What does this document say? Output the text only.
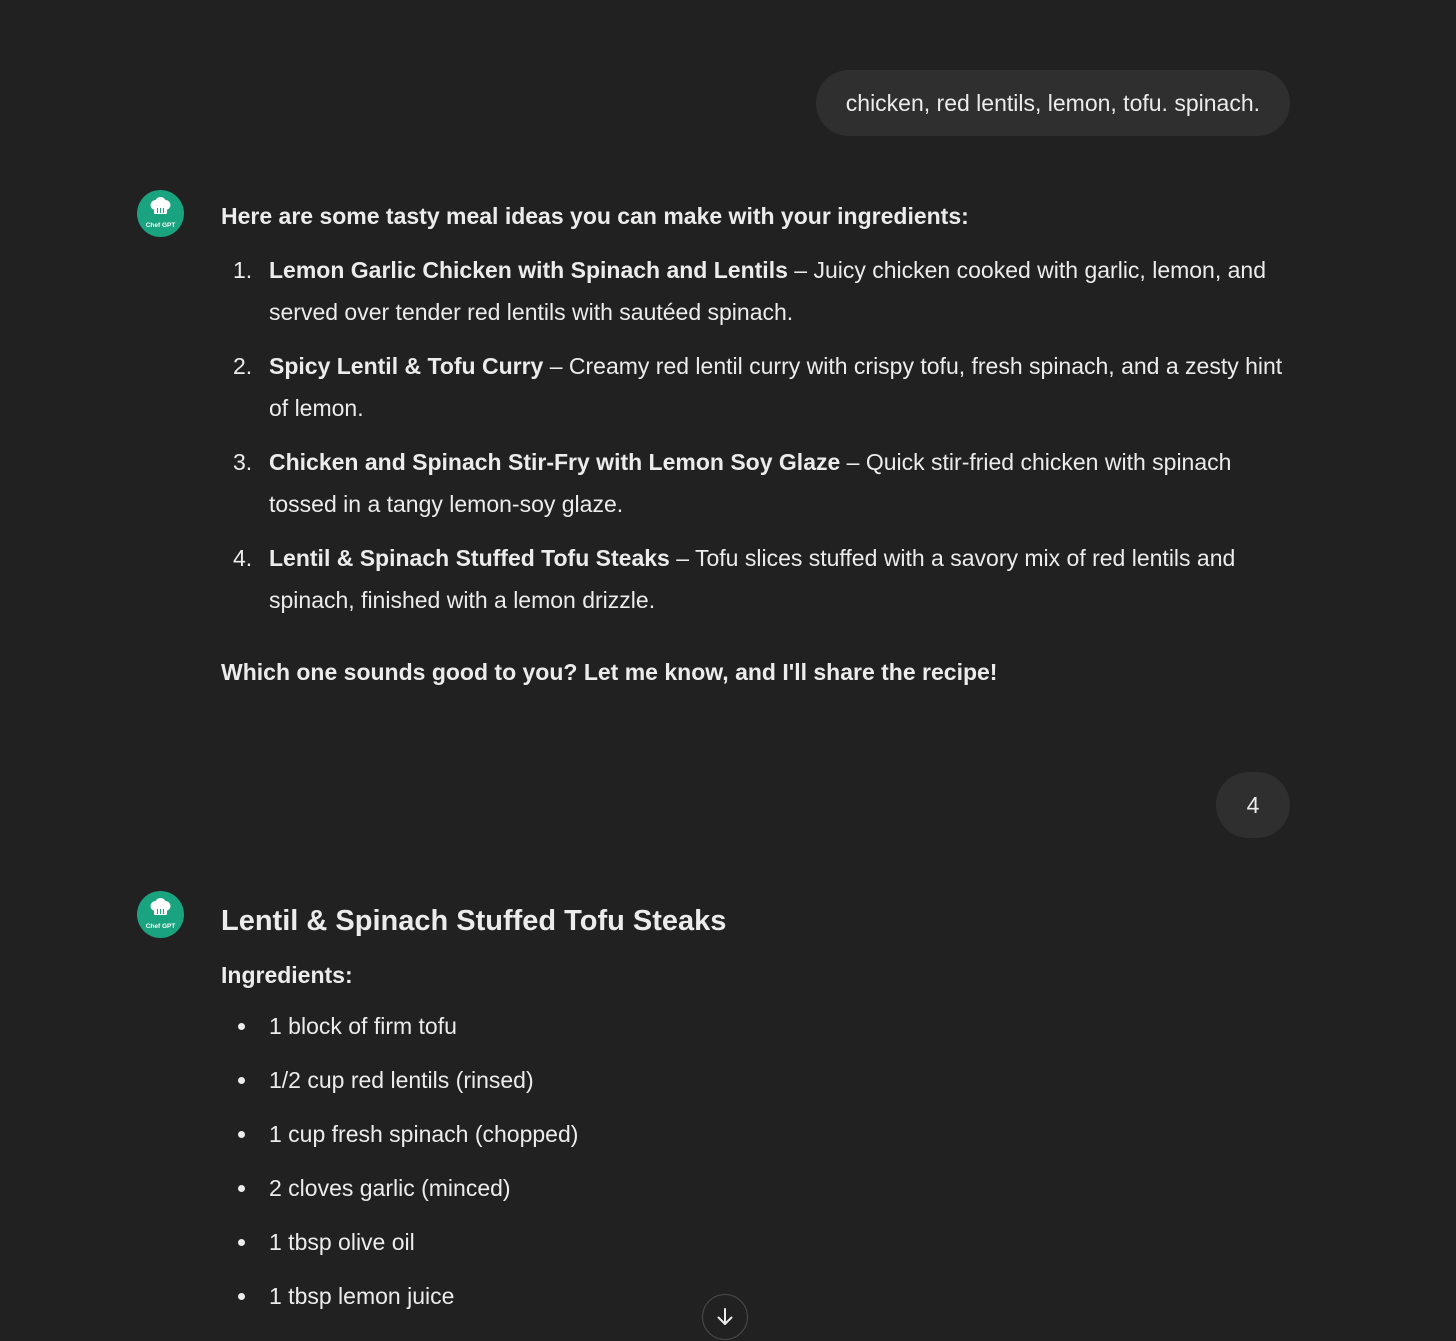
chicken, red lentils, lemon, tofu. spinach.
Chef GPT Here are some tasty meal ideas you can make with your ingredients:

1. Lemon Garlic Chicken with Spinach and Lentils – Juicy chicken cooked with garlic, lemon, and served over tender red lentils with sautéed spinach.
2. Spicy Lentil & Tofu Curry – Creamy red lentil curry with crispy tofu, fresh spinach, and a zesty hint of lemon.
3. Chicken and Spinach Stir-Fry with Lemon Soy Glaze – Quick stir-fried chicken with spinach tossed in a tangy lemon-soy glaze.
4. Lentil & Spinach Stuffed Tofu Steaks – Tofu slices stuffed with a savory mix of red lentils and spinach, finished with a lemon drizzle.

Which one sounds good to you? Let me know, and I'll share the recipe!

4
Chef GPT Lentil & Spinach Stuffed Tofu Steaks

Ingredients:

1 block of firm tofu
1/2 cup red lentils (rinsed)
1 cup fresh spinach (chopped)
2 cloves garlic (minced)
1 tbsp olive oil
1 tbsp lemon juice
